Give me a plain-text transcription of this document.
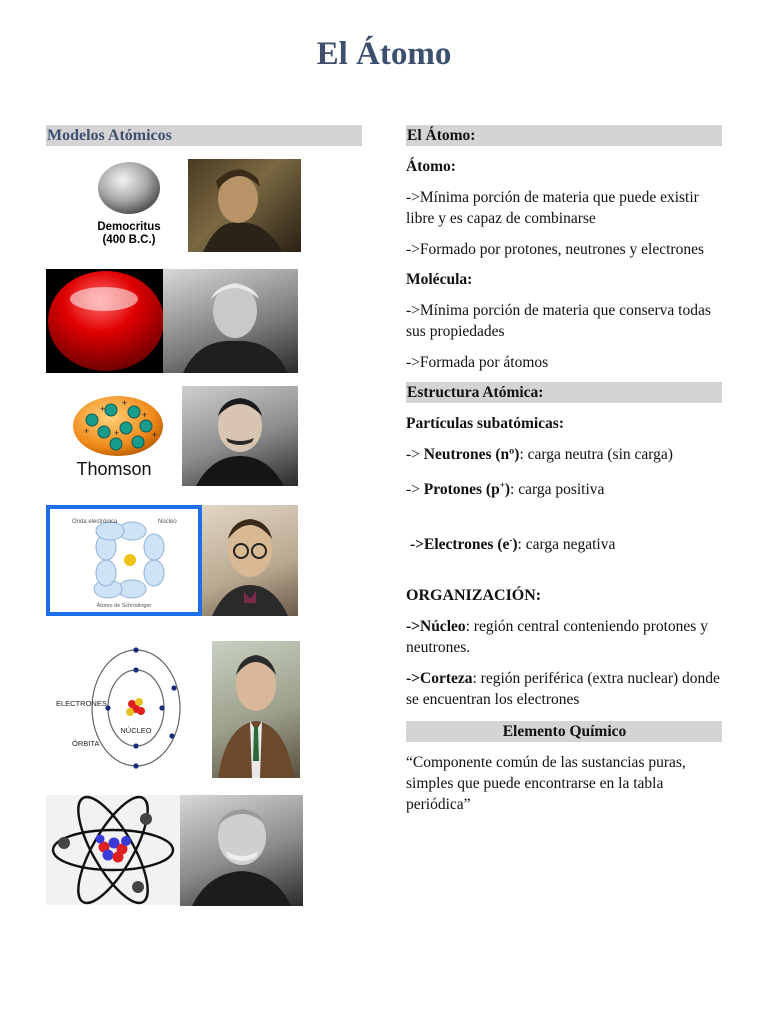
El Átomo
Modelos Atómicos
Democritus
(400 B.C.)
+
+
+
+	+	+
Thomson
Onda electrónica	Núcleo
Átomo de Schrödinger
NÚCLEO
ELECTRONES
ÓRBITA
El Átomo:

Átomo:

->Mínima porción de materia que puede existir libre y es capaz de combinarse

->Formado por protones, neutrones y electrones

Molécula:

->Mínima porción de materia que conserva todas sus propiedades

->Formada por átomos

Estructura Atómica:

Partículas subatómicas:

-> Neutrones (nº): carga neutra (sin carga)

-> Protones (p+): carga positiva

->Electrones (e-): carga negativa

ORGANIZACIÓN:

->Núcleo: región central conteniendo protones y neutrones.

->Corteza: región periférica (extra nuclear) donde se encuentran los electrones

Elemento Químico

“Componente común de las sustancias puras, simples que puede encontrarse en la tabla periódica”
